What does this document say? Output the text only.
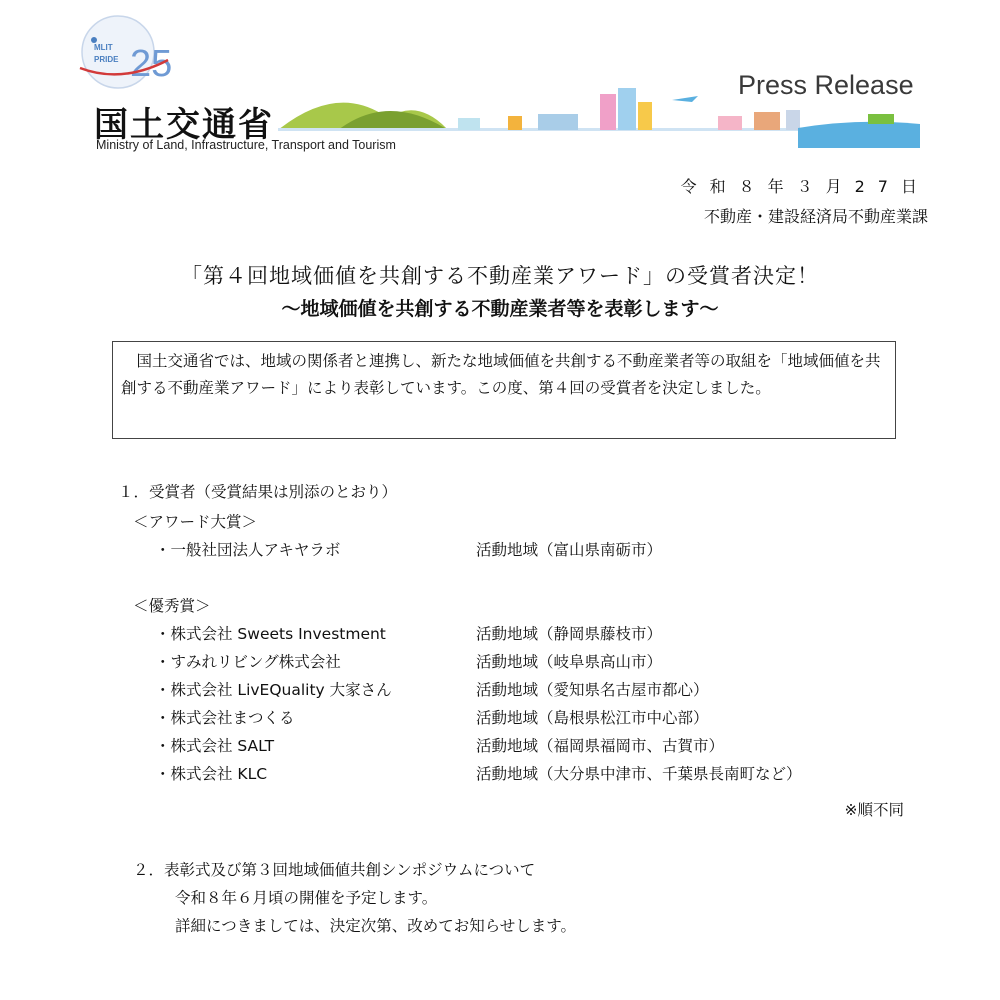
MLIT
PRIDE 25
国土交通省
Ministry of Land, Infrastructure, Transport and Tourism
Press Release
令和８年３月27日
不動産・建設経済局不動産業課
「第４回地域価値を共創する不動産業アワード」の受賞者決定！
～地域価値を共創する不動産業者等を表彰します～

国土交通省では、地域の関係者と連携し、新たな地域価値を共創する不動産業者等の取組を「地域価値を共創する不動産業アワード」により表彰しています。この度、第４回の受賞者を決定しました。

１．受賞者（受賞結果は別添のとおり）
＜アワード大賞＞
・一般社団法人アキヤラボ	活動地域（富山県南砺市）
＜優秀賞＞
・株式会社 Sweets Investment	活動地域（静岡県藤枝市）
・すみれリビング株式会社	活動地域（岐阜県高山市）
・株式会社 LivEQuality 大家さん	活動地域（愛知県名古屋市都心）
・株式会社まつくる	活動地域（島根県松江市中心部）
・株式会社 SALT	活動地域（福岡県福岡市、古賀市）
・株式会社 KLC	活動地域（大分県中津市、千葉県長南町など）
※順不同
２．表彰式及び第３回地域価値共創シンポジウムについて
令和８年６月頃の開催を予定します。
詳細につきましては、決定次第、改めてお知らせします。
